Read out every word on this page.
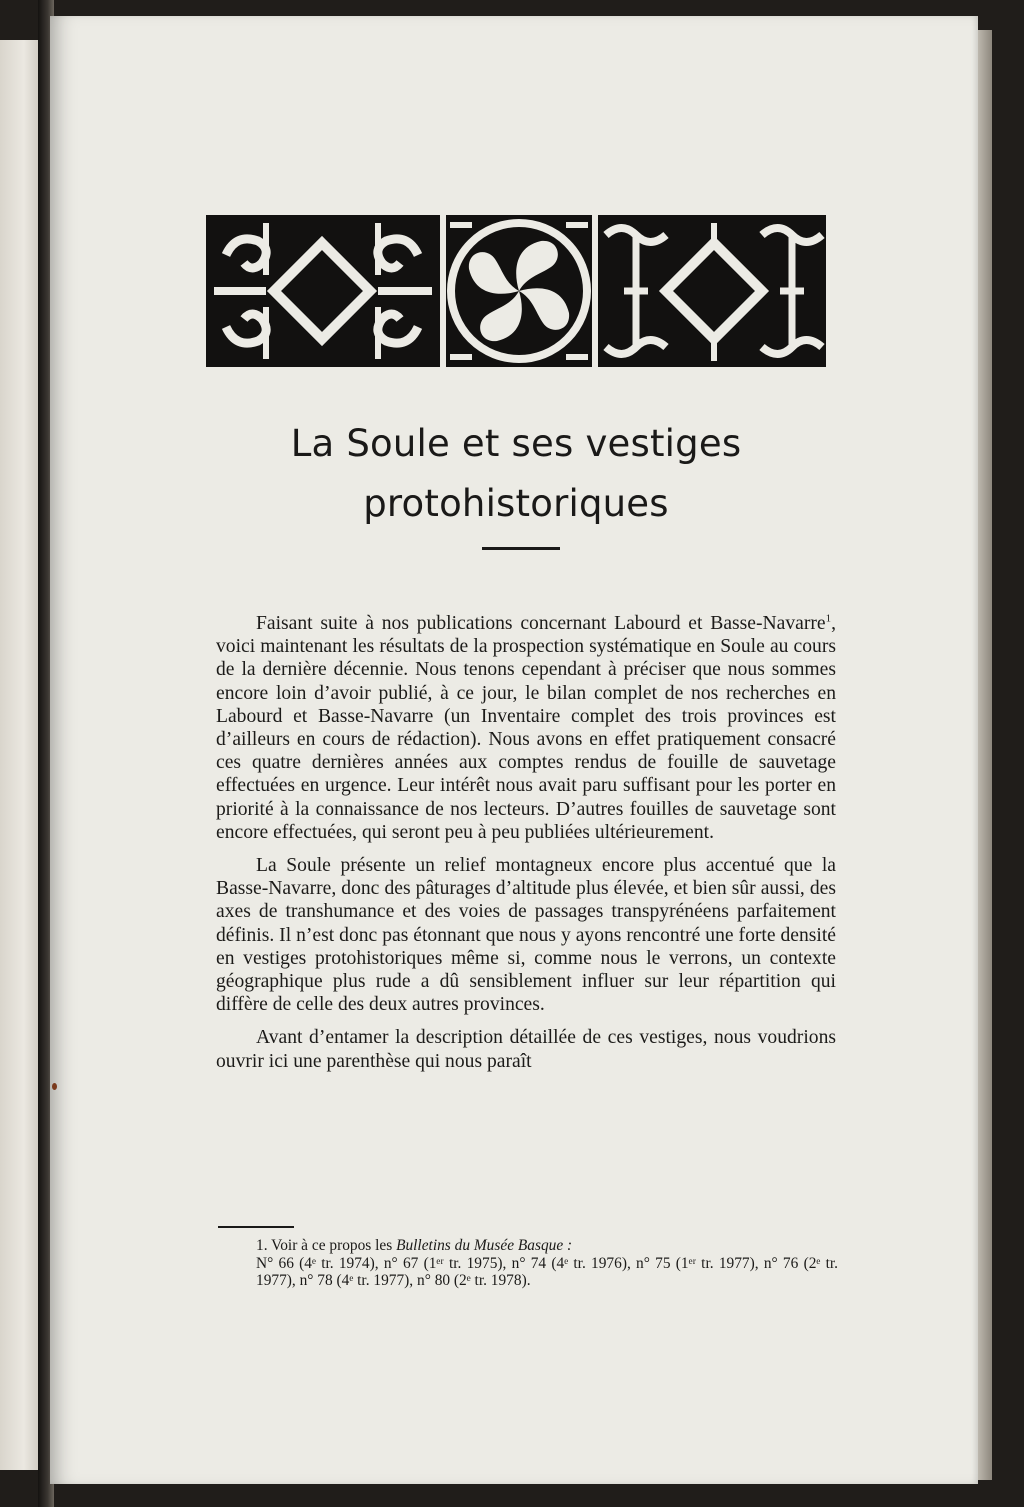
La Soule et ses vestiges
protohistoriques

Faisant suite à nos publications concernant Labourd et Basse-Navarre$^1$, voici maintenant les résultats de la prospection systématique en Soule au cours de la dernière décennie. Nous tenons cependant à préciser que nous sommes encore loin d’avoir publié, à ce jour, le bilan complet de nos recherches en Labourd et Basse-Navarre (un Inventaire complet des trois provinces est d’ailleurs en cours de rédaction). Nous avons en effet pratiquement consacré ces quatre dernières années aux comptes rendus de fouille de sauvetage effectuées en urgence. Leur intérêt nous avait paru suffisant pour les porter en priorité à la connaissance de nos lecteurs. D’autres fouilles de sauvetage sont encore effectuées, qui seront peu à peu publiées ultérieurement.

La Soule présente un relief montagneux encore plus accentué que la Basse-Navarre, donc des pâturages d’altitude plus élevée, et bien sûr aussi, des axes de transhumance et des voies de passages transpyrénéens parfaitement définis. Il n’est donc pas étonnant que nous y ayons rencontré une forte densité en vestiges protohistoriques même si, comme nous le verrons, un contexte géographique plus rude a dû sensiblement influer sur leur répartition qui diffère de celle des deux autres provinces.

Avant d’entamer la description détaillée de ces vestiges, nous voudrions ouvrir ici une parenthèse qui nous paraît

1. Voir à ce propos les Bulletins du Musée Basque :
N° 66 (4ᵉ tr. 1974), n° 67 (1ᵉʳ tr. 1975), n° 74 (4ᵉ tr. 1976), n° 75 (1ᵉʳ tr. 1977), n° 76 (2ᵉ tr. 1977), n° 78 (4ᵉ tr. 1977), n° 80 (2ᵉ tr. 1978).
